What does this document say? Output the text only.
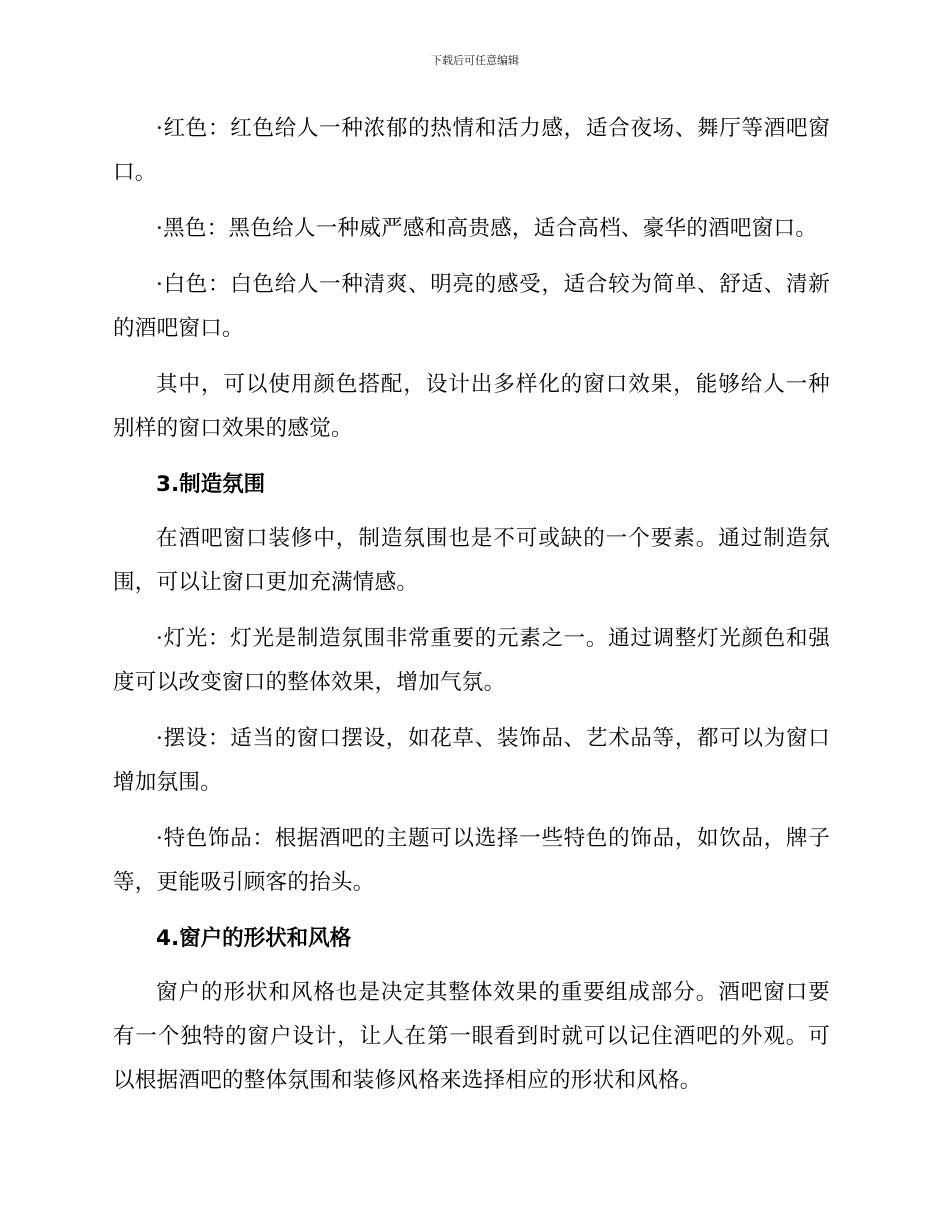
下载后可任意编辑

·红色：红色给人一种浓郁的热情和活力感，适合夜场、舞厅等酒吧窗口。

·黑色：黑色给人一种威严感和高贵感，适合高档、豪华的酒吧窗口。

·白色：白色给人一种清爽、明亮的感受，适合较为简单、舒适、清新的酒吧窗口。

其中，可以使用颜色搭配，设计出多样化的窗口效果，能够给人一种别样的窗口效果的感觉。

3.制造氛围

在酒吧窗口装修中，制造氛围也是不可或缺的一个要素。通过制造氛围，可以让窗口更加充满情感。

·灯光：灯光是制造氛围非常重要的元素之一。通过调整灯光颜色和强度可以改变窗口的整体效果，增加气氛。

·摆设：适当的窗口摆设，如花草、装饰品、艺术品等，都可以为窗口增加氛围。

·特色饰品：根据酒吧的主题可以选择一些特色的饰品，如饮品，牌子等，更能吸引顾客的抬头。

4.窗户的形状和风格

窗户的形状和风格也是决定其整体效果的重要组成部分。酒吧窗口要有一个独特的窗户设计，让人在第一眼看到时就可以记住酒吧的外观。可以根据酒吧的整体氛围和装修风格来选择相应的形状和风格。
